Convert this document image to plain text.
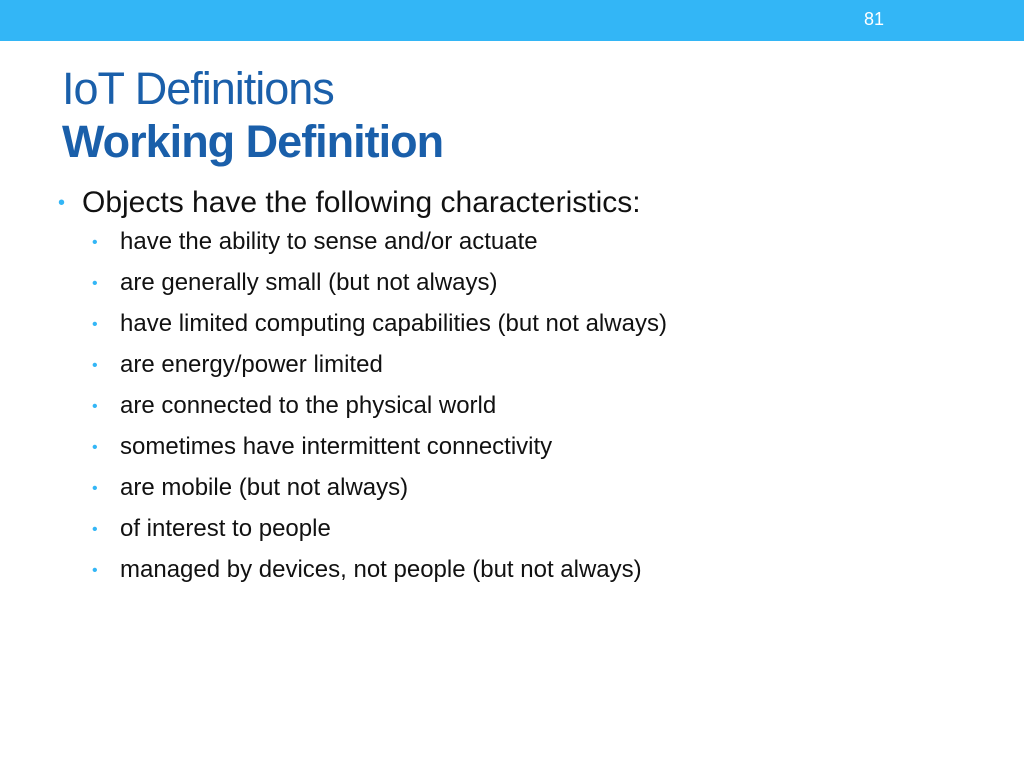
81
IoT Definitions
Working Definition
• Objects have the following characteristics:
• have the ability to sense and/or actuate
• are generally small (but not always)
• have limited computing capabilities (but not always)
• are energy/power limited
• are connected to the physical world
• sometimes have intermittent connectivity
• are mobile (but not always)
• of interest to people
• managed by devices, not people (but not always)
